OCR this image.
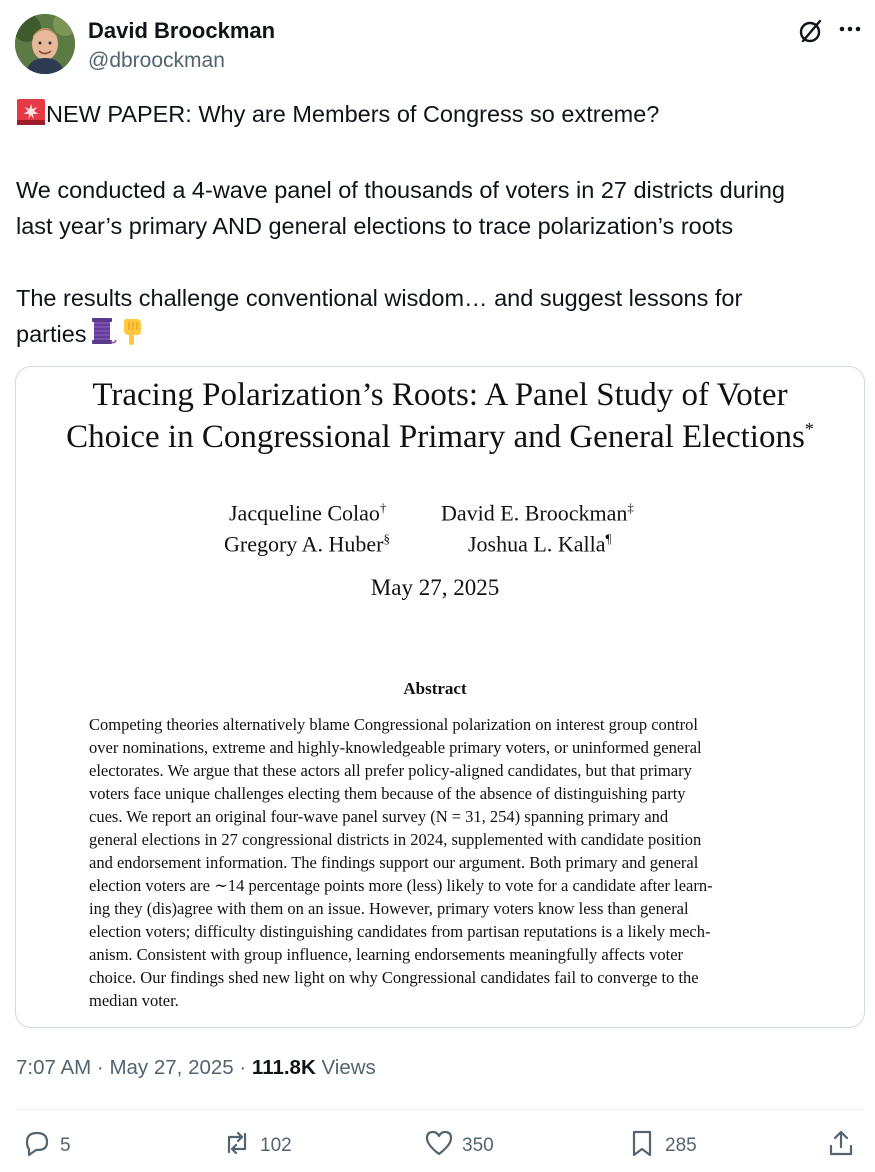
David Broockman
@dbroockman

NEW PAPER: Why are Members of Congress so extreme?

We conducted a 4-wave panel of thousands of voters in 27 districts during

last year’s primary AND general elections to trace polarization’s roots

The results challenge conventional wisdom… and suggest lessons for

parties

Tracing Polarization’s Roots: A Panel Study of Voter
Choice in Congressional Primary and General Elections*
Jacqueline Colao† David E. Broockman‡
Gregory A. Huber§	Joshua L. Kalla¶
May 27, 2025
Abstract
Competing theories alternatively blame Congressional polarization on interest group control
over nominations, extreme and highly-knowledgeable primary voters, or uninformed general
electorates. We argue that these actors all prefer policy-aligned candidates, but that primary
voters face unique challenges electing them because of the absence of distinguishing party
cues. We report an original four-wave panel survey (N = 31, 254) spanning primary and
general elections in 27 congressional districts in 2024, supplemented with candidate position
and endorsement information. The findings support our argument. Both primary and general
election voters are ∼14 percentage points more (less) likely to vote for a candidate after learn-
ing they (dis)agree with them on an issue. However, primary voters know less than general
election voters; difficulty distinguishing candidates from partisan reputations is a likely mech-
anism. Consistent with group influence, learning endorsements meaningfully affects voter
choice. Our findings shed new light on why Congressional candidates fail to converge to the
median voter.
7:07 AM · May 27, 2025 · 111.8K Views
5	102	350	285
